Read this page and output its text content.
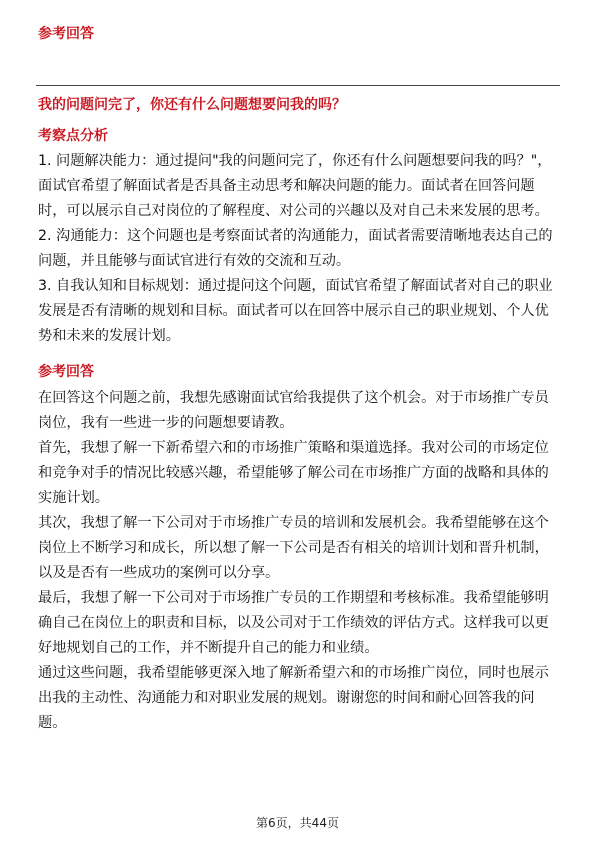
参考回答
我的问题问完了，你还有什么问题想要问我的吗？
考察点分析

1. 问题解决能力：通过提问"我的问题问完了，你还有什么问题想要问我的吗？"，面试官希望了解面试者是否具备主动思考和解决问题的能力。面试者在回答问题时，可以展示自己对岗位的了解程度、对公司的兴趣以及对自己未来发展的思考。

2. 沟通能力：这个问题也是考察面试者的沟通能力，面试者需要清晰地表达自己的问题，并且能够与面试官进行有效的交流和互动。

3. 自我认知和目标规划：通过提问这个问题，面试官希望了解面试者对自己的职业发展是否有清晰的规划和目标。面试者可以在回答中展示自己的职业规划、个人优势和未来的发展计划。

参考回答

在回答这个问题之前，我想先感谢面试官给我提供了这个机会。对于市场推广专员岗位，我有一些进一步的问题想要请教。

首先，我想了解一下新希望六和的市场推广策略和渠道选择。我对公司的市场定位和竞争对手的情况比较感兴趣，希望能够了解公司在市场推广方面的战略和具体的实施计划。

其次，我想了解一下公司对于市场推广专员的培训和发展机会。我希望能够在这个岗位上不断学习和成长，所以想了解一下公司是否有相关的培训计划和晋升机制，以及是否有一些成功的案例可以分享。

最后，我想了解一下公司对于市场推广专员的工作期望和考核标准。我希望能够明确自己在岗位上的职责和目标，以及公司对于工作绩效的评估方式。这样我可以更好地规划自己的工作，并不断提升自己的能力和业绩。

通过这些问题，我希望能够更深入地了解新希望六和的市场推广岗位，同时也展示出我的主动性、沟通能力和对职业发展的规划。谢谢您的时间和耐心回答我的问题。

第6页，共44页
